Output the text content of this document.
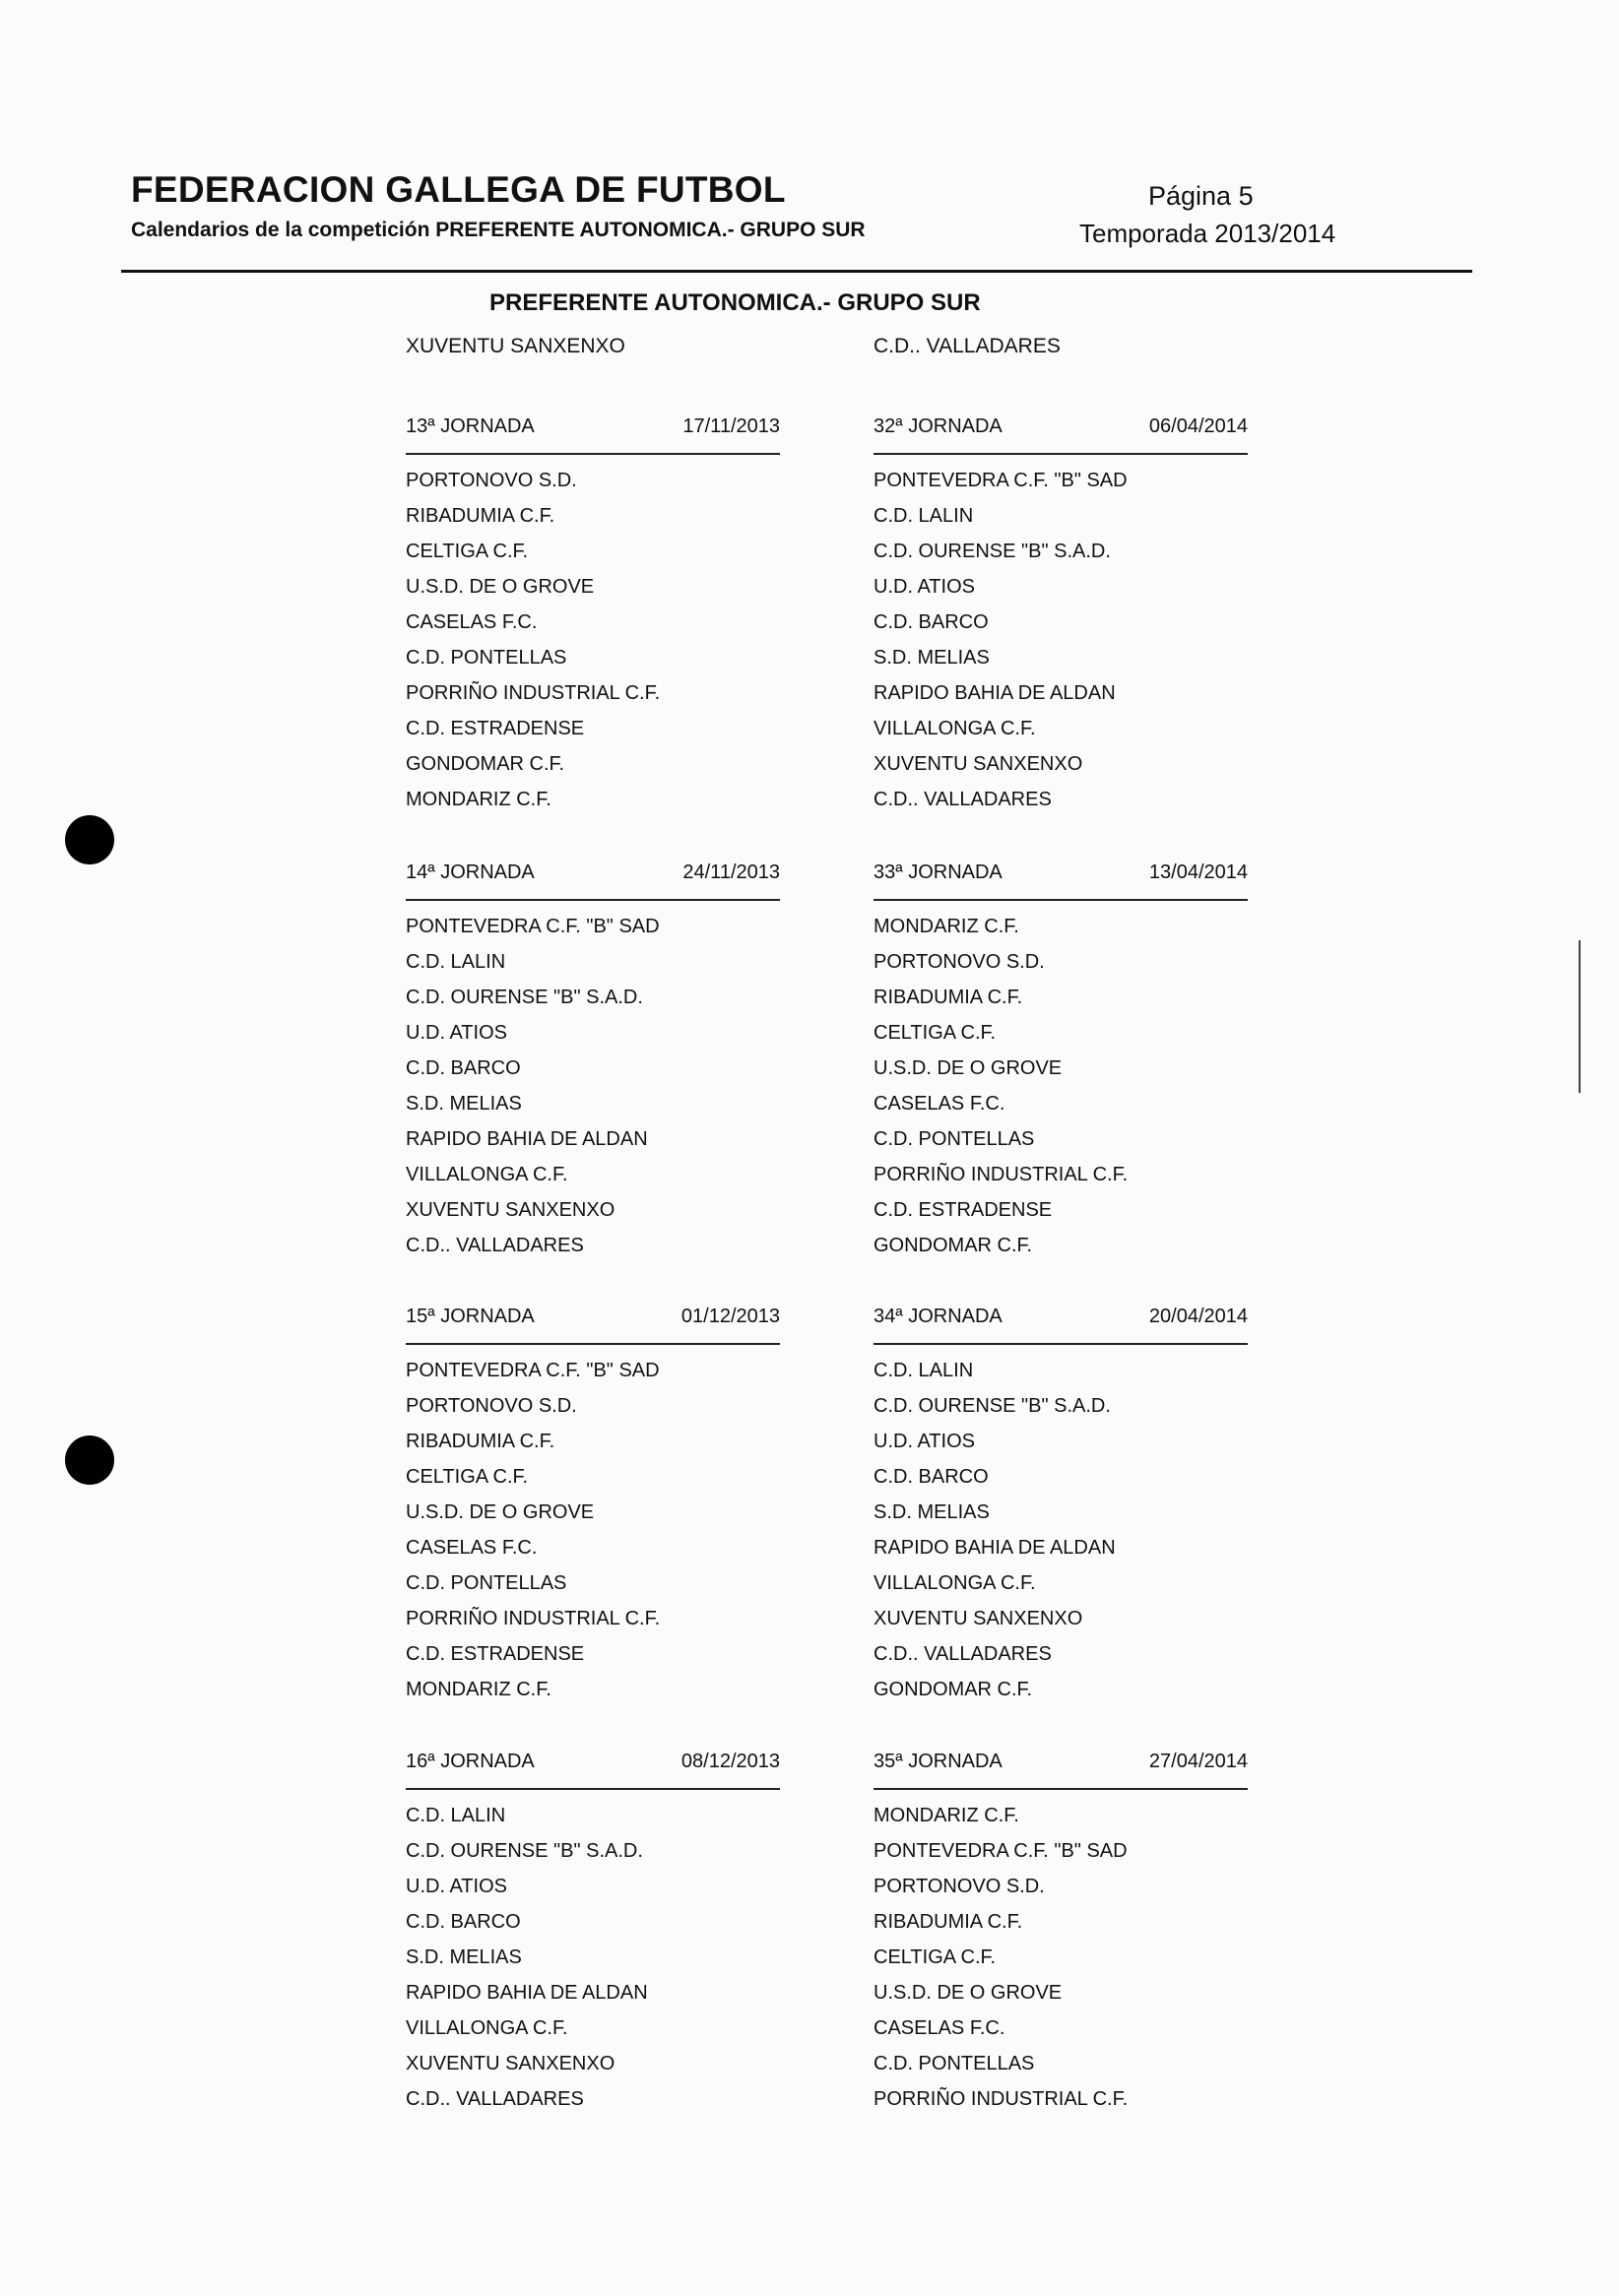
FEDERACION GALLEGA DE FUTBOL
Calendarios de la competición PREFERENTE AUTONOMICA.- GRUPO SUR
Página 5
Temporada 2013/2014
PREFERENTE AUTONOMICA.- GRUPO SUR
XUVENTU SANXENXO	C.D.. VALLADARES
13ª JORNADA	17/11/2013
PORTONOVO S.D.
RIBADUMIA C.F.
CELTIGA C.F.
U.S.D. DE O GROVE
CASELAS F.C.
C.D. PONTELLAS
PORRIÑO INDUSTRIAL C.F.
C.D. ESTRADENSE
GONDOMAR C.F.
MONDARIZ C.F.
32ª JORNADA	06/04/2014
PONTEVEDRA C.F. "B" SAD
C.D. LALIN
C.D. OURENSE "B" S.A.D.
U.D. ATIOS
C.D. BARCO
S.D. MELIAS
RAPIDO BAHIA DE ALDAN
VILLALONGA C.F.
XUVENTU SANXENXO
C.D.. VALLADARES
14ª JORNADA	24/11/2013
PONTEVEDRA C.F. "B" SAD
C.D. LALIN
C.D. OURENSE "B" S.A.D.
U.D. ATIOS
C.D. BARCO
S.D. MELIAS
RAPIDO BAHIA DE ALDAN
VILLALONGA C.F.
XUVENTU SANXENXO
C.D.. VALLADARES
33ª JORNADA	13/04/2014
MONDARIZ C.F.
PORTONOVO S.D.
RIBADUMIA C.F.
CELTIGA C.F.
U.S.D. DE O GROVE
CASELAS F.C.
C.D. PONTELLAS
PORRIÑO INDUSTRIAL C.F.
C.D. ESTRADENSE
GONDOMAR C.F.
15ª JORNADA	01/12/2013
PONTEVEDRA C.F. "B" SAD
PORTONOVO S.D.
RIBADUMIA C.F.
CELTIGA C.F.
U.S.D. DE O GROVE
CASELAS F.C.
C.D. PONTELLAS
PORRIÑO INDUSTRIAL C.F.
C.D. ESTRADENSE
MONDARIZ C.F.
34ª JORNADA	20/04/2014
C.D. LALIN
C.D. OURENSE "B" S.A.D.
U.D. ATIOS
C.D. BARCO
S.D. MELIAS
RAPIDO BAHIA DE ALDAN
VILLALONGA C.F.
XUVENTU SANXENXO
C.D.. VALLADARES
GONDOMAR C.F.
16ª JORNADA	08/12/2013
C.D. LALIN
C.D. OURENSE "B" S.A.D.
U.D. ATIOS
C.D. BARCO
S.D. MELIAS
RAPIDO BAHIA DE ALDAN
VILLALONGA C.F.
XUVENTU SANXENXO
C.D.. VALLADARES
35ª JORNADA	27/04/2014
MONDARIZ C.F.
PONTEVEDRA C.F. "B" SAD
PORTONOVO S.D.
RIBADUMIA C.F.
CELTIGA C.F.
U.S.D. DE O GROVE
CASELAS F.C.
C.D. PONTELLAS
PORRIÑO INDUSTRIAL C.F.
